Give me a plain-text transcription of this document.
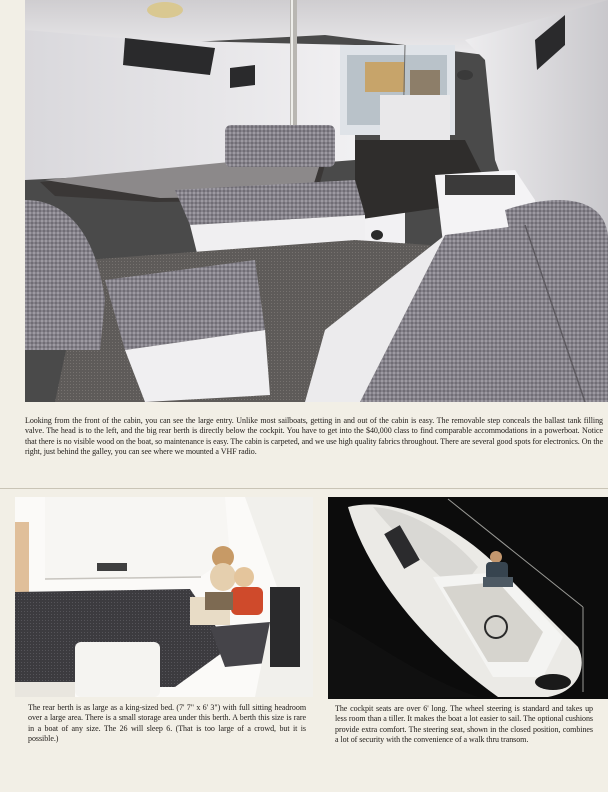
Looking from the front of the cabin, you can see the large entry. Unlike most sailboats, getting in and out of the cabin is easy. The removable step conceals the ballast tank filling valve. The head is to the left, and the big rear berth is directly below the cockpit. You have to get into the $40,000 class to find comparable accommodations in a powerboat. Notice that there is no visible wood on the boat, so maintenance is easy. The cabin is carpeted, and we use high quality fabrics throughout. There are several good spots for electronics. On the right, just behind the galley, you can see where we mounted a VHF radio.

The rear berth is as large as a king-sized bed. (7' 7" x 6' 3") with full sitting headroom over a large area. There is a small storage area under this berth. A berth this size is rare in a boat of any size. The 26 will sleep 6. (That is too large of a crowd, but it is possible.)

The cockpit seats are over 6' long. The wheel steering is standard and takes up less room than a tiller. It makes the boat a lot easier to sail. The optional cushions provide extra comfort. The steering seat, shown in the closed position, combines a lot of security with the convenience of a walk thru transom.
